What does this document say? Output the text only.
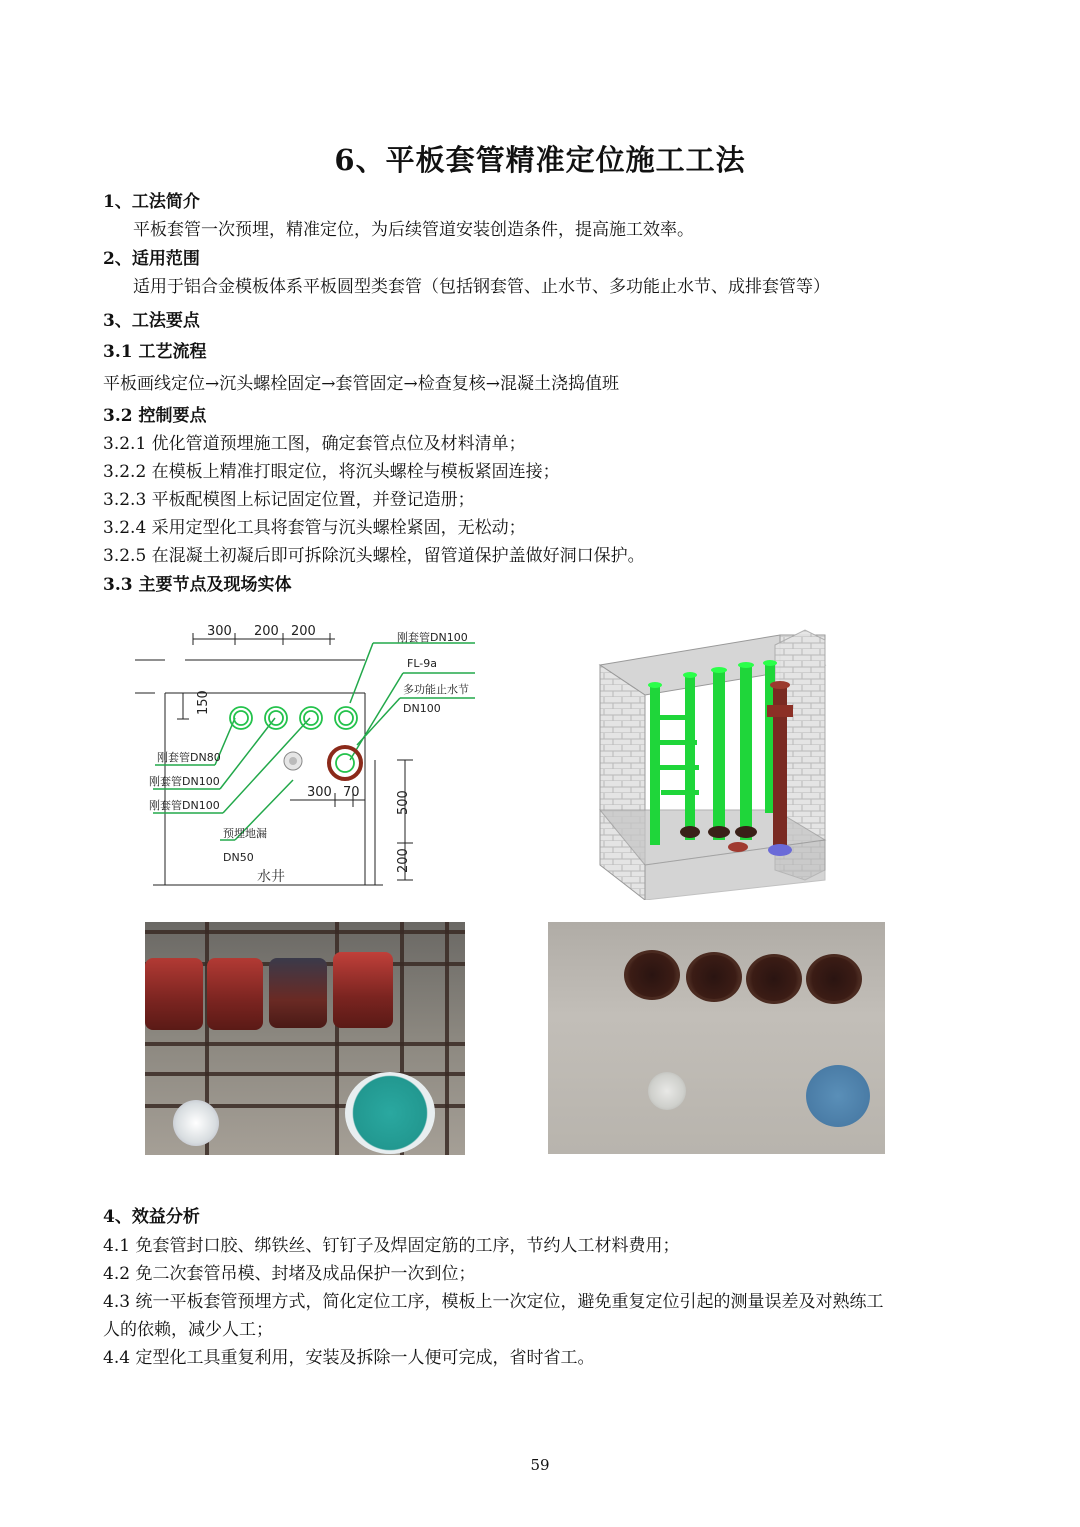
6、平板套管精准定位施工工法
1、工法简介
平板套管一次预埋，精准定位，为后续管道安装创造条件，提高施工效率。
2、适用范围
适用于铝合金模板体系平板圆型类套管（包括钢套管、止水节、多功能止水节、成排套管等）
3、工法要点
3.1 工艺流程
平板画线定位→沉头螺栓固定→套管固定→检查复核→混凝土浇捣值班
3.2 控制要点
3.2.1 优化管道预埋施工图，确定套管点位及材料清单；
3.2.2 在模板上精准打眼定位，将沉头螺栓与模板紧固连接；
3.2.3 平板配模图上标记固定位置，并登记造册；
3.2.4 采用定型化工具将套管与沉头螺栓紧固，无松动；
3.2.5 在混凝土初凝后即可拆除沉头螺栓，留管道保护盖做好洞口保护。
3.3 主要节点及现场实体
300 200 200
150
300 70	500
200
刚套管DN100
FL-9a
多功能止水节
DN100
刚套管DN80
刚套管DN100
刚套管DN100
预埋地漏
DN50
水井
4、效益分析
4.1 免套管封口胶、绑铁丝、钉钉子及焊固定筋的工序，节约人工材料费用；
4.2 免二次套管吊模、封堵及成品保护一次到位；
4.3 统一平板套管预埋方式，简化定位工序，模板上一次定位，避免重复定位引起的测量误差及对熟练工
人的依赖，减少人工；
4.4 定型化工具重复利用，安装及拆除一人便可完成，省时省工。
59
